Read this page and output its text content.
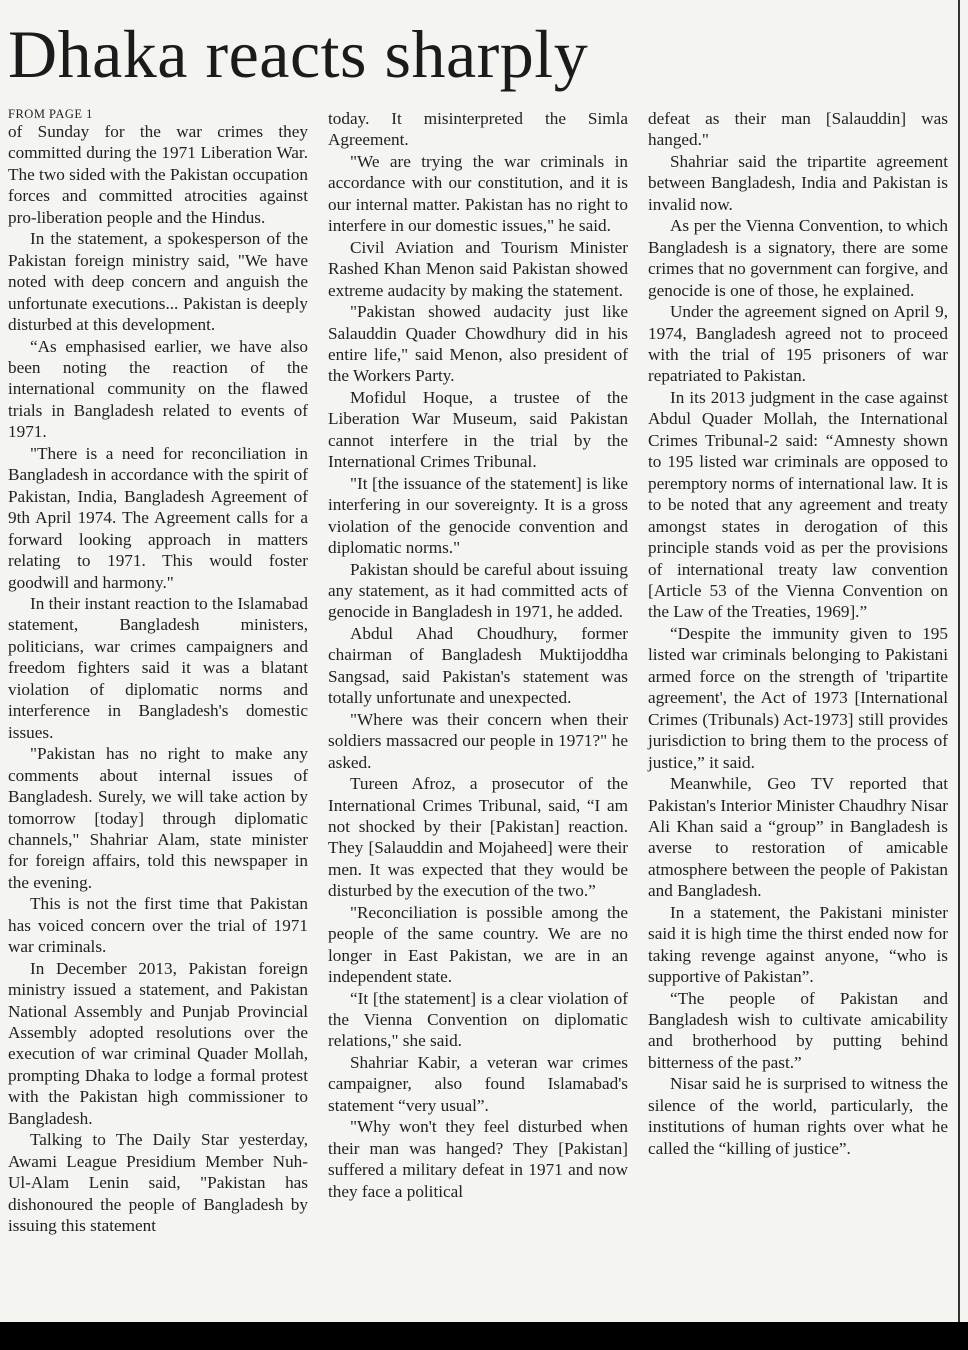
Dhaka reacts sharply
FROM PAGE 1

of Sunday for the war crimes they committed during the 1971 Liberation War. The two sided with the Pakistan occupation forces and committed atrocities against pro-liberation people and the Hindus.

In the statement, a spokesperson of the Pakistan foreign ministry said, "We have noted with deep concern and anguish the unfortunate executions... Pakistan is deeply disturbed at this development.

“As emphasised earlier, we have also been noting the reaction of the international community on the flawed trials in Bangladesh related to events of 1971.

"There is a need for reconciliation in Bangladesh in accordance with the spirit of Pakistan, India, Bangladesh Agreement of 9th April 1974. The Agreement calls for a forward looking approach in matters relating to 1971. This would foster goodwill and harmony."

In their instant reaction to the Islamabad statement, Bangladesh ministers, politicians, war crimes campaigners and freedom fighters said it was a blatant violation of diplomatic norms and interference in Bangladesh's domestic issues.

"Pakistan has no right to make any comments about internal issues of Bangladesh. Surely, we will take action by tomorrow [today] through diplomatic channels," Shahriar Alam, state minister for foreign affairs, told this newspaper in the evening.

This is not the first time that Pakistan has voiced concern over the trial of 1971 war criminals.

In December 2013, Pakistan foreign ministry issued a statement, and Pakistan National Assembly and Punjab Provincial Assembly adopted resolutions over the execution of war criminal Quader Mollah, prompting Dhaka to lodge a formal protest with the Pakistan high commissioner to Bangladesh.

Talking to The Daily Star yesterday, Awami League Presidium Member Nuh-Ul-Alam Lenin said, "Pakistan has dishonoured the people of Bangladesh by issuing this statement

today. It misinterpreted the Simla Agreement.

"We are trying the war criminals in accordance with our constitution, and it is our internal matter. Pakistan has no right to interfere in our domestic issues," he said.

Civil Aviation and Tourism Minister Rashed Khan Menon said Pakistan showed extreme audacity by making the statement.

"Pakistan showed audacity just like Salauddin Quader Chowdhury did in his entire life," said Menon, also president of the Workers Party.

Mofidul Hoque, a trustee of the Liberation War Museum, said Pakistan cannot interfere in the trial by the International Crimes Tribunal.

"It [the issuance of the statement] is like interfering in our sovereignty. It is a gross violation of the genocide convention and diplomatic norms."

Pakistan should be careful about issuing any statement, as it had committed acts of genocide in Bangladesh in 1971, he added.

Abdul Ahad Choudhury, former chairman of Bangladesh Muktijoddha Sangsad, said Pakistan's statement was totally unfortunate and unexpected.

"Where was their concern when their soldiers massacred our people in 1971?" he asked.

Tureen Afroz, a prosecutor of the International Crimes Tribunal, said, “I am not shocked by their [Pakistan] reaction. They [Salauddin and Mojaheed] were their men. It was expected that they would be disturbed by the execution of the two.”

"Reconciliation is possible among the people of the same country. We are no longer in East Pakistan, we are in an independent state.

“It [the statement] is a clear violation of the Vienna Convention on diplomatic relations," she said.

Shahriar Kabir, a veteran war crimes campaigner, also found Islamabad's statement “very usual”.

"Why won't they feel disturbed when their man was hanged? They [Pakistan] suffered a military defeat in 1971 and now they face a political

defeat as their man [Salauddin] was hanged."

Shahriar said the tripartite agreement between Bangladesh, India and Pakistan is invalid now.

As per the Vienna Convention, to which Bangladesh is a signatory, there are some crimes that no government can forgive, and genocide is one of those, he explained.

Under the agreement signed on April 9, 1974, Bangladesh agreed not to proceed with the trial of 195 prisoners of war repatriated to Pakistan.

In its 2013 judgment in the case against Abdul Quader Mollah, the International Crimes Tribunal-2 said: “Amnesty shown to 195 listed war criminals are opposed to peremptory norms of international law. It is to be noted that any agreement and treaty amongst states in derogation of this principle stands void as per the provisions of international treaty law convention [Article 53 of the Vienna Convention on the Law of the Treaties, 1969].”

“Despite the immunity given to 195 listed war criminals belonging to Pakistani armed force on the strength of 'tripartite agreement', the Act of 1973 [International Crimes (Tribunals) Act-1973] still provides jurisdiction to bring them to the process of justice,” it said.

Meanwhile, Geo TV reported that Pakistan's Interior Minister Chaudhry Nisar Ali Khan said a “group” in Bangladesh is averse to restoration of amicable atmosphere between the people of Pakistan and Bangladesh.

In a statement, the Pakistani minister said it is high time the thirst ended now for taking revenge against anyone, “who is supportive of Pakistan”.

“The people of Pakistan and Bangladesh wish to cultivate amicability and brotherhood by putting behind bitterness of the past.”

Nisar said he is surprised to witness the silence of the world, particularly, the institutions of human rights over what he called the “killing of justice”.
